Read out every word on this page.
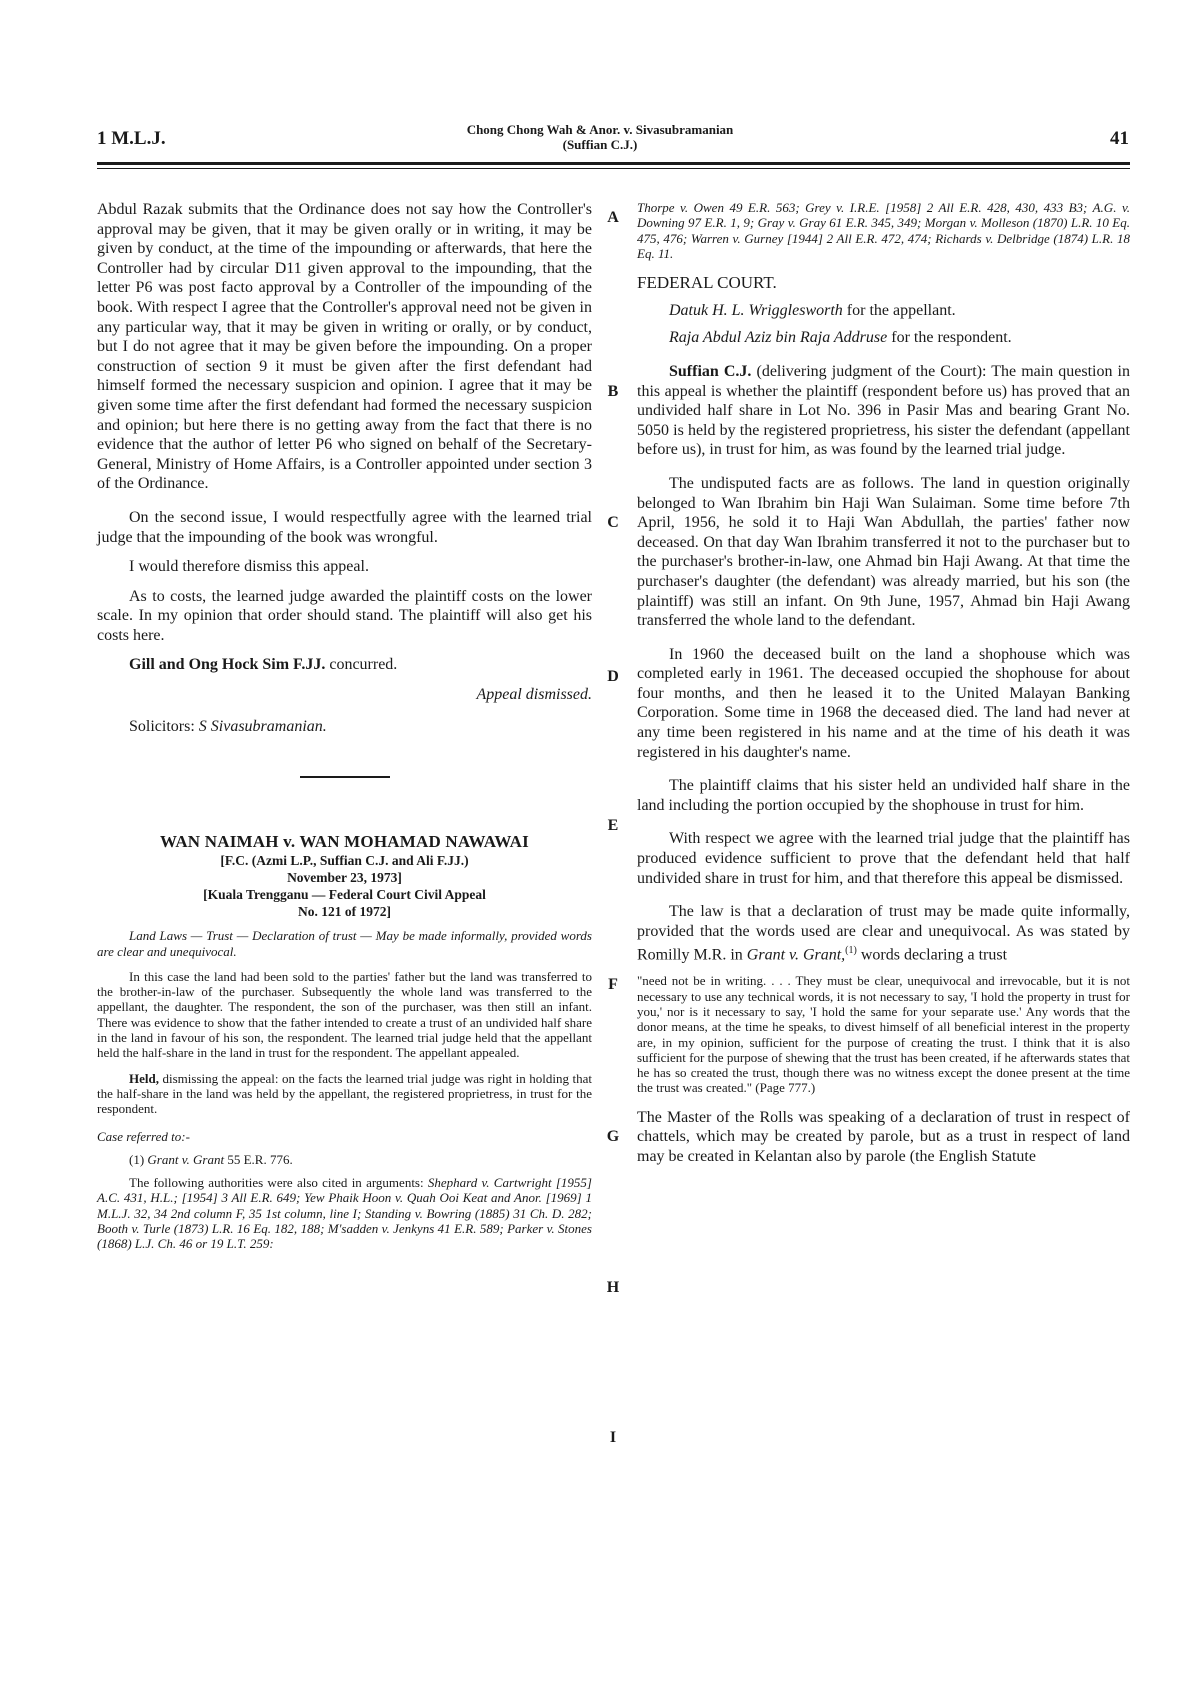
1 M.L.J.	Chong Chong Wah & Anor. v. Sivasubramanian
(Suffian C.J.)	41
A
B
C
D
E
F
G
H
I

Abdul Razak submits that the Ordinance does not say how the Controller's approval may be given, that it may be given orally or in writing, it may be given by conduct, at the time of the impounding or afterwards, that here the Controller had by circular D11 given approval to the impounding, that the letter P6 was post facto approval by a Controller of the impounding of the book. With respect I agree that the Controller's approval need not be given in any particular way, that it may be given in writing or orally, or by conduct, but I do not agree that it may be given before the impounding. On a proper construction of section 9 it must be given after the first defendant had himself formed the necessary suspicion and opinion. I agree that it may be given some time after the first defendant had formed the necessary suspicion and opinion; but here there is no getting away from the fact that there is no evidence that the author of letter P6 who signed on behalf of the Secretary-General, Ministry of Home Affairs, is a Controller appointed under section 3 of the Ordinance.

On the second issue, I would respectfully agree with the learned trial judge that the impounding of the book was wrongful.

I would therefore dismiss this appeal.

As to costs, the learned judge awarded the plaintiff costs on the lower scale. In my opinion that order should stand. The plaintiff will also get his costs here.

Gill and Ong Hock Sim F.JJ. concurred.

Appeal dismissed.

Solicitors: S Sivasubramanian.

WAN NAIMAH v. WAN MOHAMAD NAWAWAI

[F.C. (Azmi L.P., Suffian C.J. and Ali F.JJ.)
November 23, 1973]
[Kuala Trengganu — Federal Court Civil Appeal
No. 121 of 1972]

Land Laws — Trust — Declaration of trust — May be made informally, provided words are clear and unequivocal.

In this case the land had been sold to the parties' father but the land was transferred to the brother-in-law of the purchaser. Subsequently the whole land was transferred to the appellant, the daughter. The respondent, the son of the purchaser, was then still an infant. There was evidence to show that the father intended to create a trust of an undivided half share in the land in favour of his son, the respondent. The learned trial judge held that the appellant held the half-share in the land in trust for the respondent. The appellant appealed.

Held, dismissing the appeal: on the facts the learned trial judge was right in holding that the half-share in the land was held by the appellant, the registered proprietress, in trust for the respondent.

Case referred to:-

(1) Grant v. Grant 55 E.R. 776.

The following authorities were also cited in arguments: Shephard v. Cartwright [1955] A.C. 431, H.L.; [1954] 3 All E.R. 649; Yew Phaik Hoon v. Quah Ooi Keat and Anor. [1969] 1 M.L.J. 32, 34 2nd column F, 35 1st column, line I; Standing v. Bowring (1885) 31 Ch. D. 282; Booth v. Turle (1873) L.R. 16 Eq. 182, 188; M'sadden v. Jenkyns 41 E.R. 589; Parker v. Stones (1868) L.J. Ch. 46 or 19 L.T. 259:

Thorpe v. Owen 49 E.R. 563; Grey v. I.R.E. [1958] 2 All E.R. 428, 430, 433 B3; A.G. v. Downing 97 E.R. 1, 9; Gray v. Gray 61 E.R. 345, 349; Morgan v. Molleson (1870) L.R. 10 Eq. 475, 476; Warren v. Gurney [1944] 2 All E.R. 472, 474; Richards v. Delbridge (1874) L.R. 18 Eq. 11.

FEDERAL COURT.

Datuk H. L. Wrigglesworth for the appellant.

Raja Abdul Aziz bin Raja Addruse for the respondent.

Suffian C.J. (delivering judgment of the Court): The main question in this appeal is whether the plaintiff (respondent before us) has proved that an undivided half share in Lot No. 396 in Pasir Mas and bearing Grant No. 5050 is held by the registered proprietress, his sister the defendant (appellant before us), in trust for him, as was found by the learned trial judge.

The undisputed facts are as follows. The land in question originally belonged to Wan Ibrahim bin Haji Wan Sulaiman. Some time before 7th April, 1956, he sold it to Haji Wan Abdullah, the parties' father now deceased. On that day Wan Ibrahim transferred it not to the purchaser but to the purchaser's brother-in-law, one Ahmad bin Haji Awang. At that time the purchaser's daughter (the defendant) was already married, but his son (the plaintiff) was still an infant. On 9th June, 1957, Ahmad bin Haji Awang transferred the whole land to the defendant.

In 1960 the deceased built on the land a shophouse which was completed early in 1961. The deceased occupied the shophouse for about four months, and then he leased it to the United Malayan Banking Corporation. Some time in 1968 the deceased died. The land had never at any time been registered in his name and at the time of his death it was registered in his daughter's name.

The plaintiff claims that his sister held an undivided half share in the land including the portion occupied by the shophouse in trust for him.

With respect we agree with the learned trial judge that the plaintiff has produced evidence sufficient to prove that the defendant held that half undivided share in trust for him, and that therefore this appeal be dismissed.

The law is that a declaration of trust may be made quite informally, provided that the words used are clear and unequivocal. As was stated by Romilly M.R. in Grant v. Grant,$^{(1)}$ words declaring a trust

"need not be in writing. . . . They must be clear, unequivocal and irrevocable, but it is not necessary to use any technical words, it is not necessary to say, 'I hold the property in trust for you,' nor is it necessary to say, 'I hold the same for your separate use.' Any words that the donor means, at the time he speaks, to divest himself of all beneficial interest in the property are, in my opinion, sufficient for the purpose of creating the trust. I think that it is also sufficient for the purpose of shewing that the trust has been created, if he afterwards states that he has so created the trust, though there was no witness except the donee present at the time the trust was created." (Page 777.)

The Master of the Rolls was speaking of a declaration of trust in respect of chattels, which may be created by parole, but as a trust in respect of land may be created in Kelantan also by parole (the English Statute
